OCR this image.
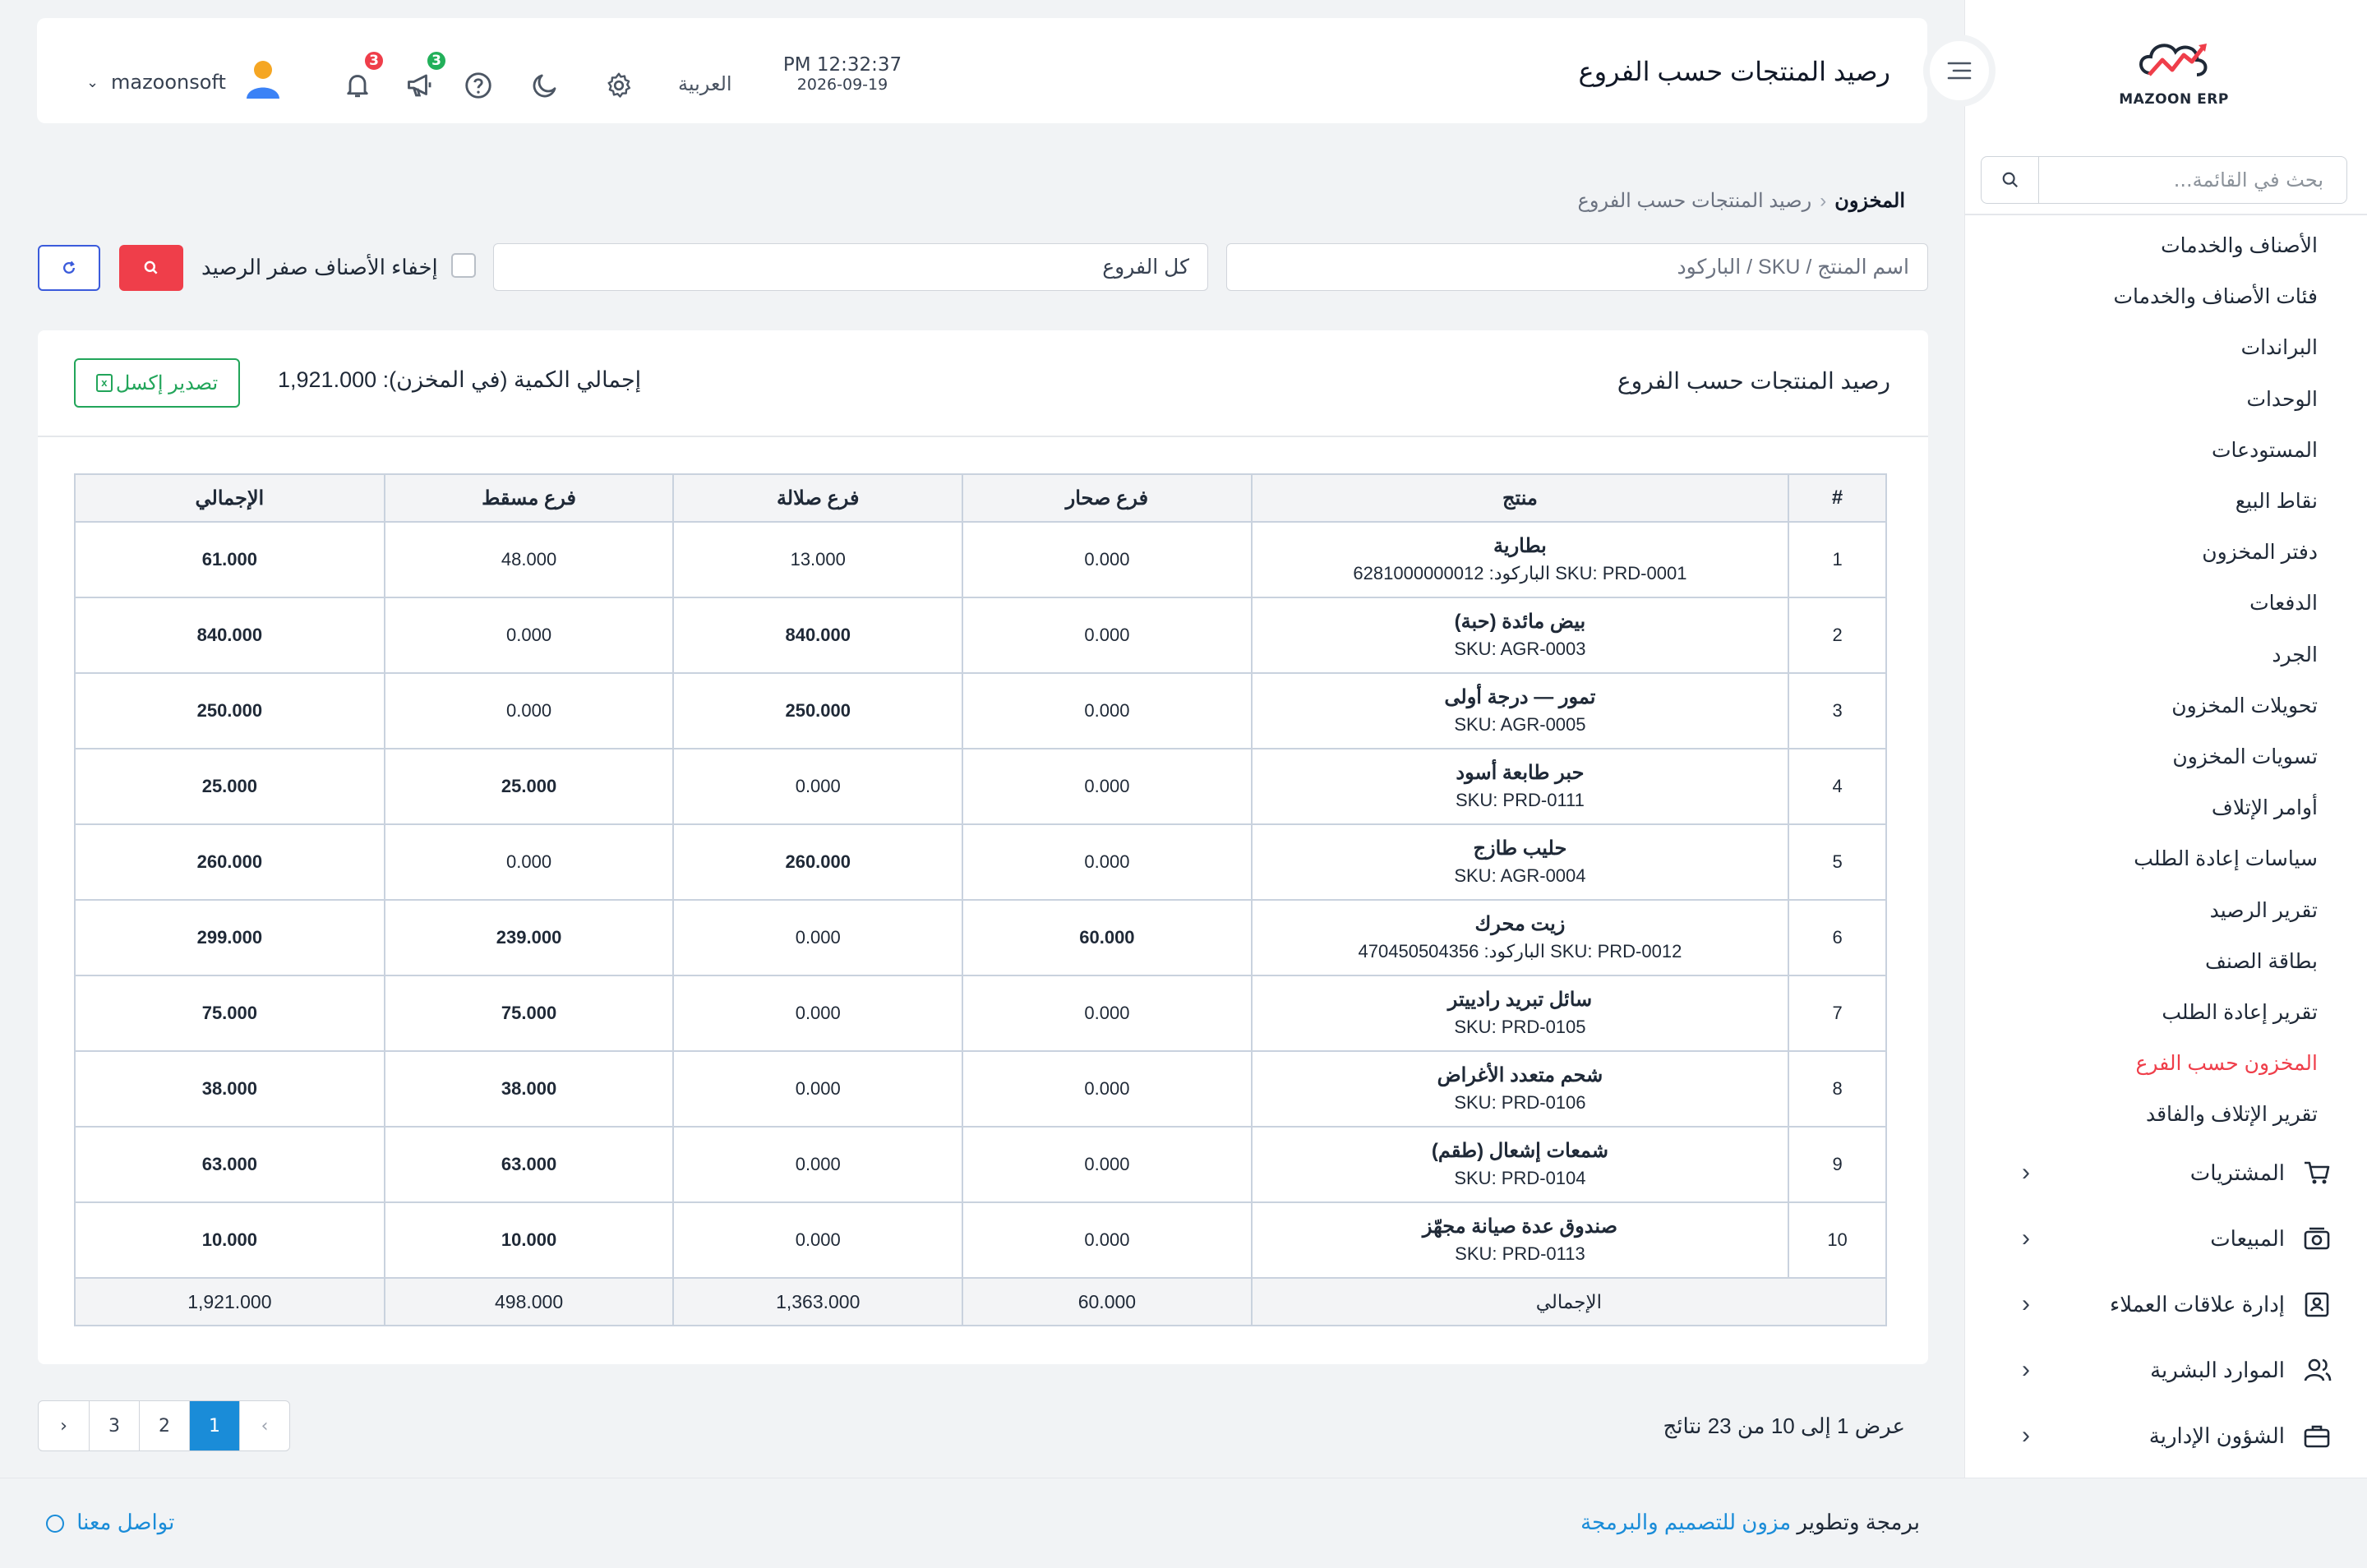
MAZOON ERP
بحث في القائمة...
الأصناف والخدمات
فئات الأصناف والخدمات
البراندات
الوحدات
المستودعات
نقاط البيع
دفتر المخزون
الدفعات
الجرد
تحويلات المخزون
تسويات المخزون
أوامر الإتلاف
سياسات إعادة الطلب
تقرير الرصيد
بطاقة الصنف
تقرير إعادة الطلب
المخزون حسب الفرع
تقرير الإتلاف والفاقد
المشتريات
‹
المبيعات
‹
إدارة علاقات العملاء
‹
الموارد البشرية
‹
الشؤون الإدارية
‹
رصيد المنتجات حسب الفروع
PM 12:32:37
2026-09-19
العربية
3
3
⌄ mazoonsoft
المخزون‹رصيد المنتجات حسب الفروع
اسم المنتج / SKU / الباركود
كل الفروع
إخفاء الأصناف صفر الرصيد
رصيد المنتجات حسب الفروع
إجمالي الكمية (في المخزن): 1,921.000
x تصدير إكسل
#	منتج	فرع صحار	فرع صلالة	فرع مسقط	الإجمالي
1	بطارية
SKU: PRD-0001 الباركود: 6281000000012	0.000	13.000	48.000	61.000
2	بيض مائدة (حبة)
SKU: AGR-0003	0.000	840.000	0.000	840.000
3	تمور — درجة أولى
SKU: AGR-0005	0.000	250.000	0.000	250.000
4	حبر طابعة أسود
SKU: PRD-0111	0.000	0.000	25.000	25.000
5	حليب طازج
SKU: AGR-0004	0.000	260.000	0.000	260.000
6	زيت محرك
SKU: PRD-0012 الباركود: 470450504356	60.000	0.000	239.000	299.000
7	سائل تبريد رادييتر
SKU: PRD-0105	0.000	0.000	75.000	75.000
8	شحم متعدد الأغراض
SKU: PRD-0106	0.000	0.000	38.000	38.000
9	شمعات إشعال (طقم)
SKU: PRD-0104	0.000	0.000	63.000	63.000
10	صندوق عدة صيانة مجهّز
SKU: PRD-0113	0.000	0.000	10.000	10.000
الإجمالي		60.000	1,363.000	498.000	1,921.000
›	3	2	1	‹	عرض 1 إلى 10 من 23 نتائج
برمجة وتطوير مزون للتصميم والبرمجة
تواصل معنا
